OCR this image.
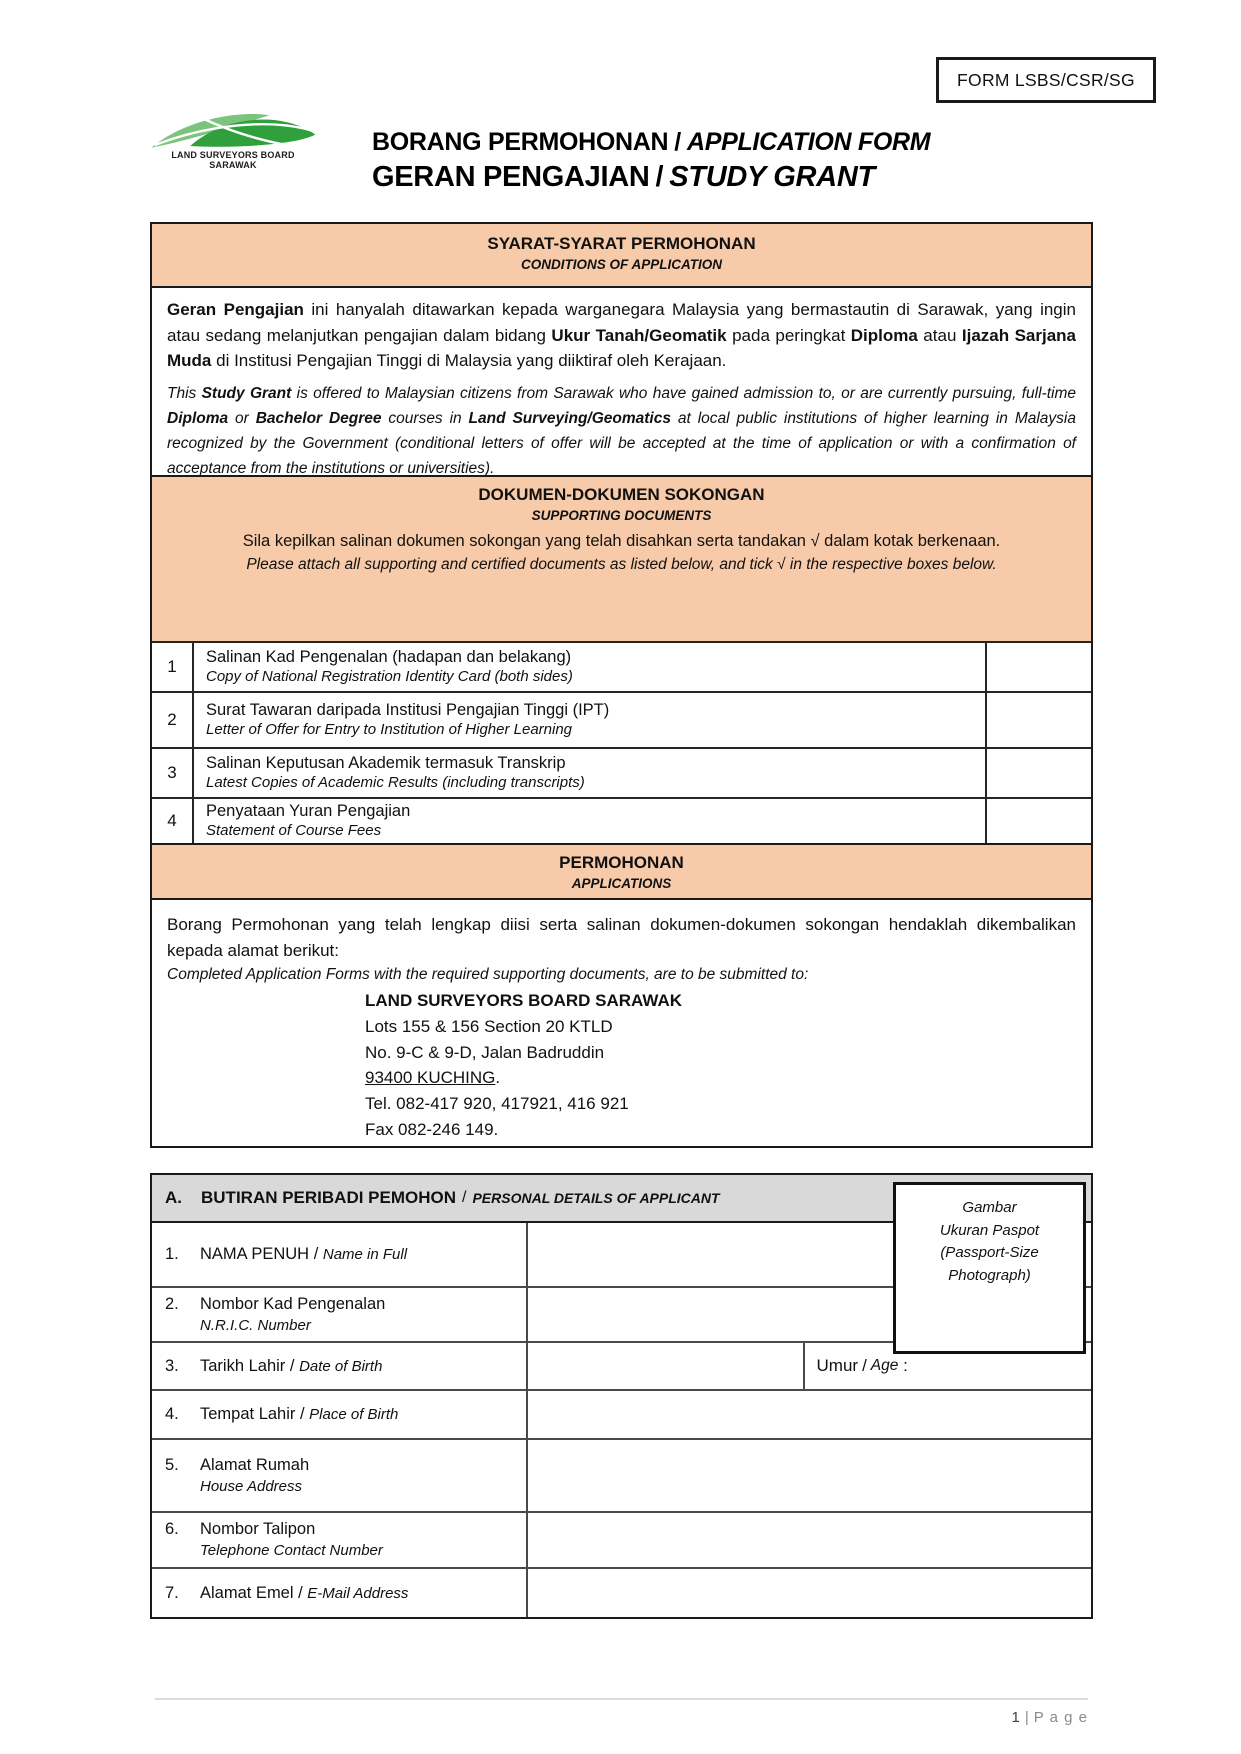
FORM LSBS/CSR/SG
LAND SURVEYORS BOARD SARAWAK
BORANG PERMOHONAN / APPLICATION FORM
GERAN PENGAJIAN / STUDY GRANT
SYARAT-SYARAT PERMOHONAN
CONDITIONS OF APPLICATION

Geran Pengajian ini hanyalah ditawarkan kepada warganegara Malaysia yang bermastautin di Sarawak, yang ingin atau sedang melanjutkan pengajian dalam bidang Ukur Tanah/Geomatik pada peringkat Diploma atau Ijazah Sarjana Muda di Institusi Pengajian Tinggi di Malaysia yang diiktiraf oleh Kerajaan.

This Study Grant is offered to Malaysian citizens from Sarawak who have gained admission to, or are currently pursuing, full-time Diploma or Bachelor Degree courses in Land Surveying/Geomatics at local public institutions of higher learning in Malaysia recognized by the Government (conditional letters of offer will be accepted at the time of application or with a confirmation of acceptance from the institutions or universities).

DOKUMEN-DOKUMEN SOKONGAN
SUPPORTING DOCUMENTS
Sila kepilkan salinan dokumen sokongan yang telah disahkan serta tandakan √ dalam kotak berkenaan.
Please attach all supporting and certified documents as listed below, and tick √ in the respective boxes below.
1
Salinan Kad Pengenalan (hadapan dan belakang)
Copy of National Registration Identity Card (both sides)
2
Surat Tawaran daripada Institusi Pengajian Tinggi (IPT)
Letter of Offer for Entry to Institution of Higher Learning
3
Salinan Keputusan Akademik termasuk Transkrip
Latest Copies of Academic Results (including transcripts)
4
Penyataan Yuran Pengajian
Statement of Course Fees
PERMOHONAN
APPLICATIONS

Borang Permohonan yang telah lengkap diisi serta salinan dokumen-dokumen sokongan hendaklah dikembalikan kepada alamat berikut:

Completed Application Forms with the required supporting documents, are to be submitted to:

LAND SURVEYORS BOARD SARAWAK
Lots 155 & 156 Section 20 KTLD
No. 9-C & 9-D, Jalan Badruddin
93400 KUCHING.
Tel. 082-417 920, 417921, 416 921
Fax 082-246 149.
A.	BUTIRAN PERIBADI PEMOHON / PERSONAL DETAILS OF APPLICANT
1.	NAMA PENUH / Name in Full
2.	Nombor Kad Pengenalan
N.R.I.C. Number
3.	Tarikh Lahir / Date of Birth	Umur / Age :
4.	Tempat Lahir / Place of Birth
5.	Alamat Rumah
House Address
6.	Nombor Talipon
Telephone Contact Number
7.	Alamat Emel / E-Mail Address
Gambar
Ukuran Paspot
(Passport-Size
Photograph)
1 | P a g e
